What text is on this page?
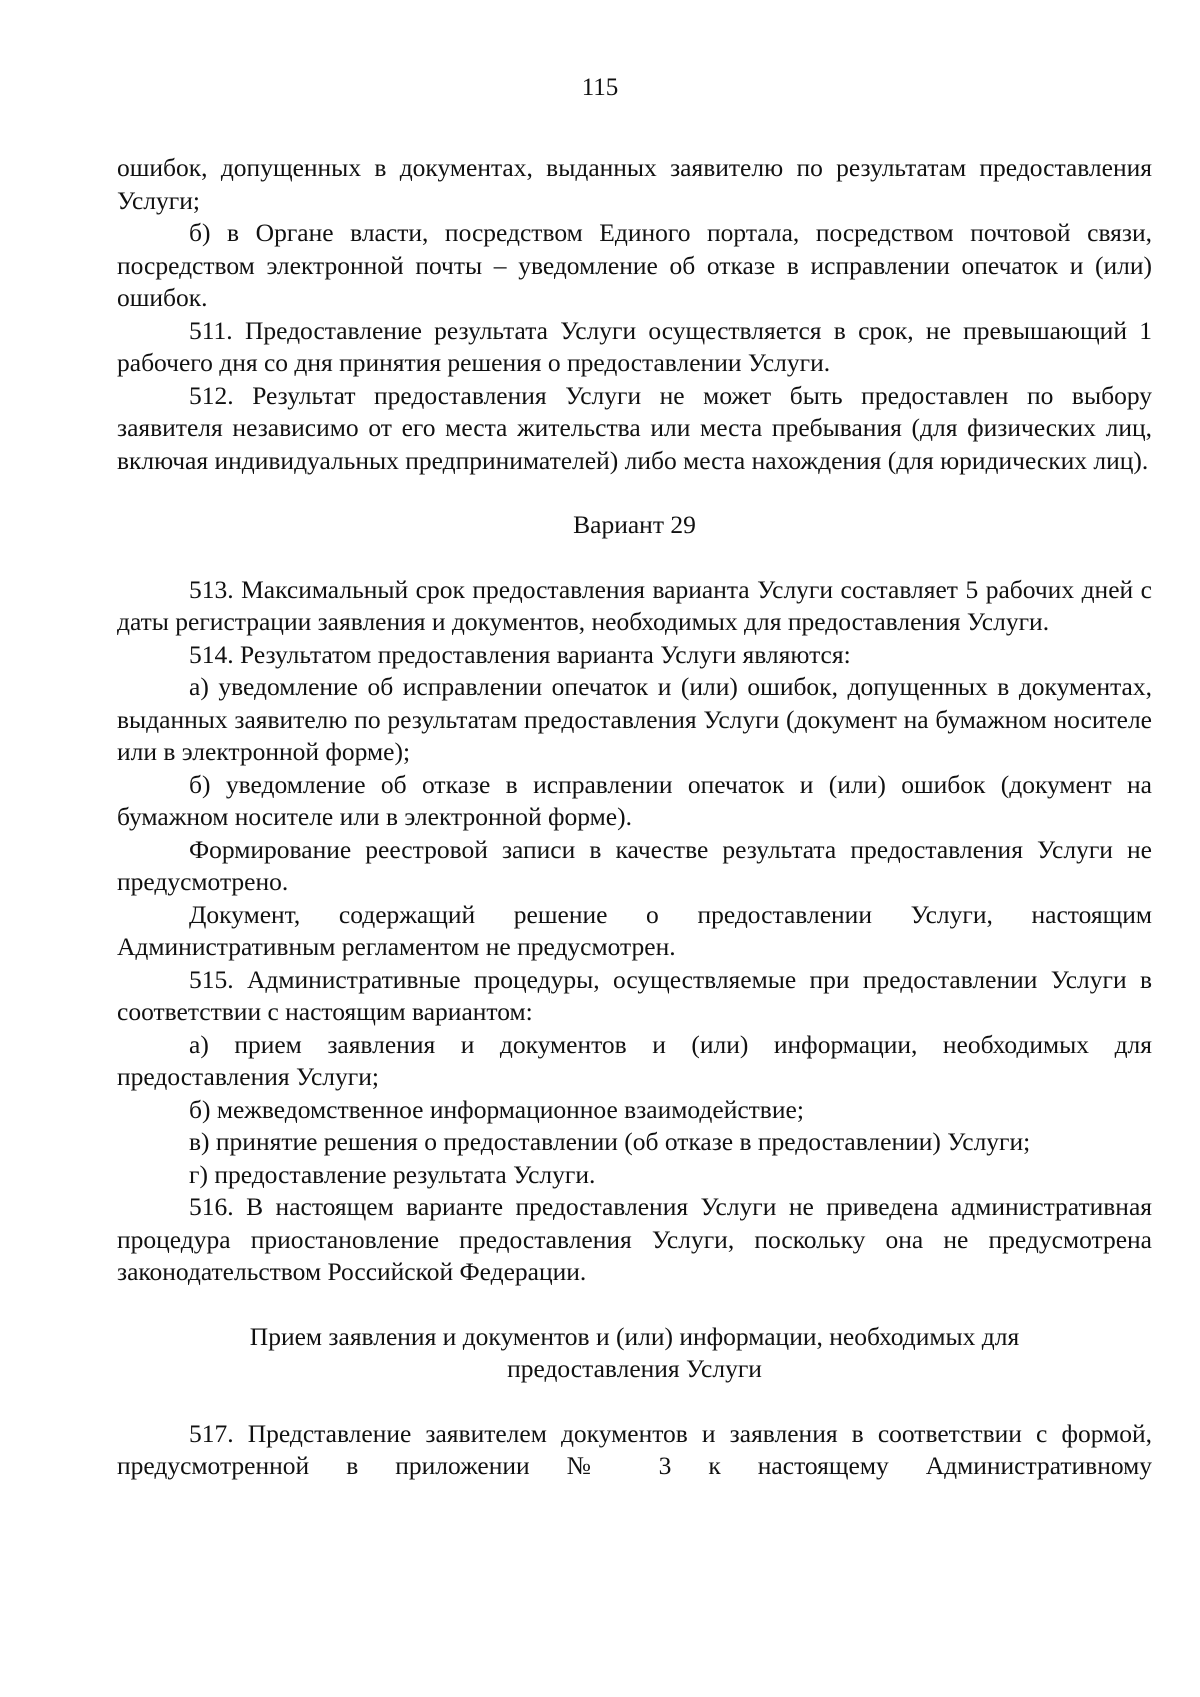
115

ошибок, допущенных в документах, выданных заявителю по результатам предоставления Услуги;

б) в Органе власти, посредством Единого портала, посредством почтовой связи, посредством электронной почты – уведомление об отказе в исправлении опечаток и (или) ошибок.

511. Предоставление результата Услуги осуществляется в срок, не превышающий 1 рабочего дня со дня принятия решения о предоставлении Услуги.

512. Результат предоставления Услуги не может быть предоставлен по выбору заявителя независимо от его места жительства или места пребывания (для физических лиц, включая индивидуальных предпринимателей) либо места нахождения (для юридических лиц).

Вариант 29

513. Максимальный срок предоставления варианта Услуги составляет 5 рабочих дней с даты регистрации заявления и документов, необходимых для предоставления Услуги.

514. Результатом предоставления варианта Услуги являются:

а) уведомление об исправлении опечаток и (или) ошибок, допущенных в документах, выданных заявителю по результатам предоставления Услуги (документ на бумажном носителе или в электронной форме);

б) уведомление об отказе в исправлении опечаток и (или) ошибок (документ на бумажном носителе или в электронной форме).

Формирование реестровой записи в качестве результата предоставления Услуги не предусмотрено.

Документ, содержащий решение о предоставлении Услуги, настоящим Административным регламентом не предусмотрен.

515. Административные процедуры, осуществляемые при предоставлении Услуги в соответствии с настоящим вариантом:

а) прием заявления и документов и (или) информации, необходимых для предоставления Услуги;

б) межведомственное информационное взаимодействие;

в) принятие решения о предоставлении (об отказе в предоставлении) Услуги;

г) предоставление результата Услуги.

516. В настоящем варианте предоставления Услуги не приведена административная процедура приостановление предоставления Услуги, поскольку она не предусмотрена законодательством Российской Федерации.

Прием заявления и документов и (или) информации, необходимых для

предоставления Услуги

517. Представление заявителем документов и заявления в соответствии с формой, предусмотренной в приложении № 3 к настоящему Административному
